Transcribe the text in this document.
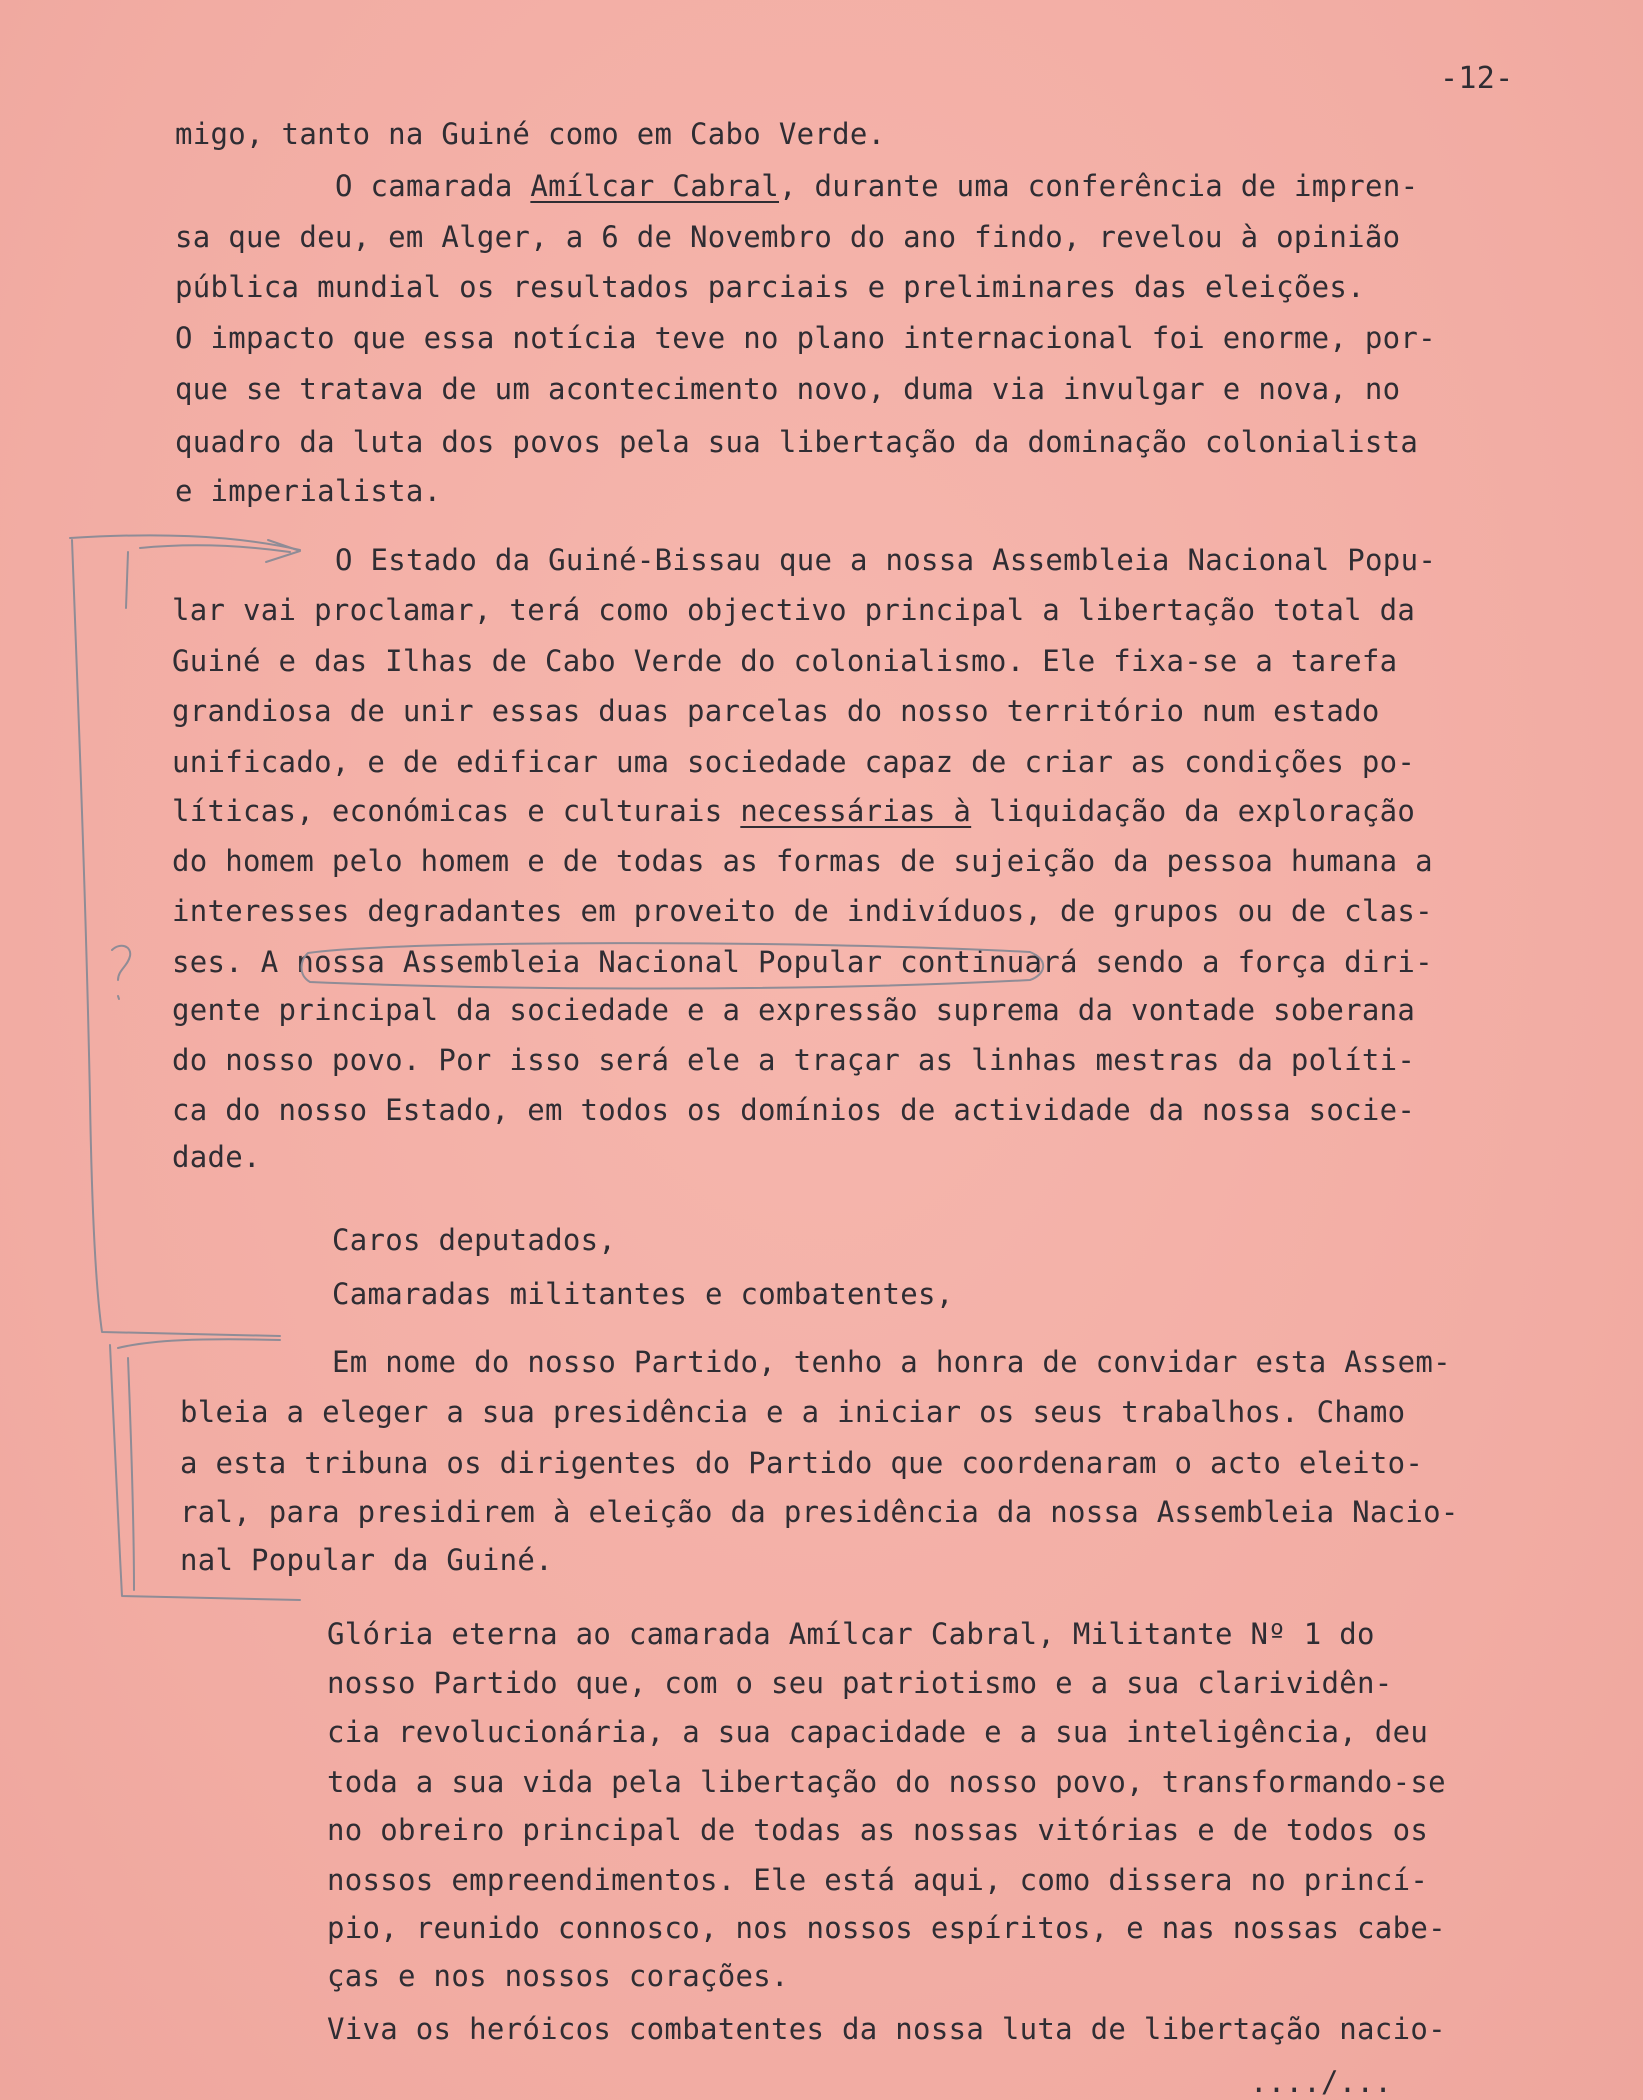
-12-
migo, tanto na Guiné como em Cabo Verde.
O camarada Amílcar Cabral, durante uma conferência de impren-
sa que deu, em Alger, a 6 de Novembro do ano findo, revelou à opinião
pública mundial os resultados parciais e preliminares das eleições.
O impacto que essa notícia teve no plano internacional foi enorme, por-
que se tratava de um acontecimento novo, duma via invulgar e nova, no
quadro da luta dos povos pela sua libertação da dominação colonialista
e imperialista.
O Estado da Guiné-Bissau que a nossa Assembleia Nacional Popu-
lar vai proclamar, terá como objectivo principal a libertação total da
Guiné e das Ilhas de Cabo Verde do colonialismo. Ele fixa-se a tarefa
grandiosa de unir essas duas parcelas do nosso território num estado
unificado, e de edificar uma sociedade capaz de criar as condições po-
líticas, económicas e culturais necessárias à liquidação da exploração
do homem pelo homem e de todas as formas de sujeição da pessoa humana a
interesses degradantes em proveito de indivíduos, de grupos ou de clas-
ses. A nossa Assembleia Nacional Popular continuará sendo a força diri-
gente principal da sociedade e a expressão suprema da vontade soberana
do nosso povo. Por isso será ele a traçar as linhas mestras da políti-
ca do nosso Estado, em todos os domínios de actividade da nossa socie-
dade.
Caros deputados,
Camaradas militantes e combatentes,
Em nome do nosso Partido, tenho a honra de convidar esta Assem-
bleia a eleger a sua presidência e a iniciar os seus trabalhos. Chamo
a esta tribuna os dirigentes do Partido que coordenaram o acto eleito-
ral, para presidirem à eleição da presidência da nossa Assembleia Nacio-
nal Popular da Guiné.
Glória eterna ao camarada Amílcar Cabral, Militante Nº 1 do
nosso Partido que, com o seu patriotismo e a sua clarividên-
cia revolucionária, a sua capacidade e a sua inteligência, deu
toda a sua vida pela libertação do nosso povo, transformando-se
no obreiro principal de todas as nossas vitórias e de todos os
nossos empreendimentos. Ele está aqui, como dissera no princí-
pio, reunido connosco, nos nossos espíritos, e nas nossas cabe-
ças e nos nossos corações.
Viva os heróicos combatentes da nossa luta de libertação nacio-
..../...
